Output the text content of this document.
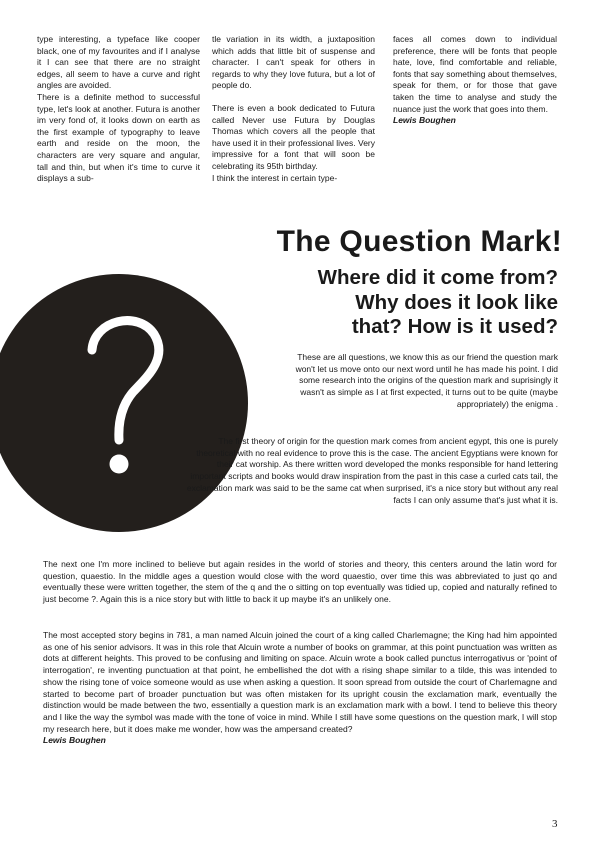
type interesting, a typeface like cooper black, one of my favourites and if I analyse it I can see that there are no straight edges, all seem to have a curve and right angles are avoided.

There is a definite method to successful type, let's look at another. Futura is another im very fond of, it looks down on earth as the first example of typography to leave earth and reside on the moon, the characters are very square and angular, tall and thin, but when it's time to curve it displays a sub-

tle variation in its width, a juxtaposition which adds that little bit of suspense and character. I can't speak for others in regards to why they love futura, but a lot of people do.

There is even a book dedicated to Futura called Never use Futura by Douglas Thomas which covers all the people that have used it in their professional lives. Very impressive for a font that will soon be celebrating its 95th birthday.

I think the interest in certain type-

faces all comes down to individual preference, there will be fonts that people hate, love, find comfortable and reliable, fonts that say something about themselves, speak for them, or for those that gave taken the time to analyse and study the nuance just the work that goes into them.

Lewis Boughen

The Question Mark!
Where did it come from?
Why does it look like
that? How is it used?
These are all questions, we know this as our friend the question mark won't let us move onto our next word until he has made his point. I did some research into the origins of the question mark and suprisingly it wasn't as simple as I at first expected, it turns out to be quite (maybe appropriately) the enigma .
The first theory of origin for the question mark comes from ancient egypt, this one is purely theoretical with no real evidence to prove this is the case. The ancient Egyptians were known for their cat worship. As there written word developed the monks responsible for hand lettering important scripts and books would draw inspiration from the past in this case a curled cats tail, the exclamation mark was said to be the same cat when surprised, it's a nice story but without any real facts I can only assume that's just what it is.
The next one I'm more inclined to believe but again resides in the world of stories and theory, this centers around the latin word for question, quaestio. In the middle ages a question would close with the word quaestio, over time this was abbreviated to just qo and eventually these were written together, the stem of the q and the o sitting on top eventually was tidied up, copied and naturally refined to just become ?. Again this is a nice story but with little to back it up maybe it's an unlikely one.
The most accepted story begins in 781, a man named Alcuin joined the court of a king called Charlemagne; the King had him appointed as one of his senior advisors. It was in this role that Alcuin wrote a number of books on grammar, at this point punctuation was written as dots at different heights. This proved to be confusing and limiting on space. Alcuin wrote a book called punctus interrogativus or 'point of interrogation', re inventing punctuation at that point, he embellished the dot with a rising shape similar to a tilde, this was intended to show the rising tone of voice someone would as use when asking a question. It soon spread from outside the court of Charlemagne and started to become part of broader punctuation but was often mistaken for its upright cousin the exclamation mark, eventually the distinction would be made between the two, essentially a question mark is an exclamation mark with a bowl. I tend to believe this theory and I like the way the symbol was made with the tone of voice in mind. While I still have some questions on the question mark, I will stop my research here, but it does make me wonder, how was the ampersand created?
Lewis Boughen
3
